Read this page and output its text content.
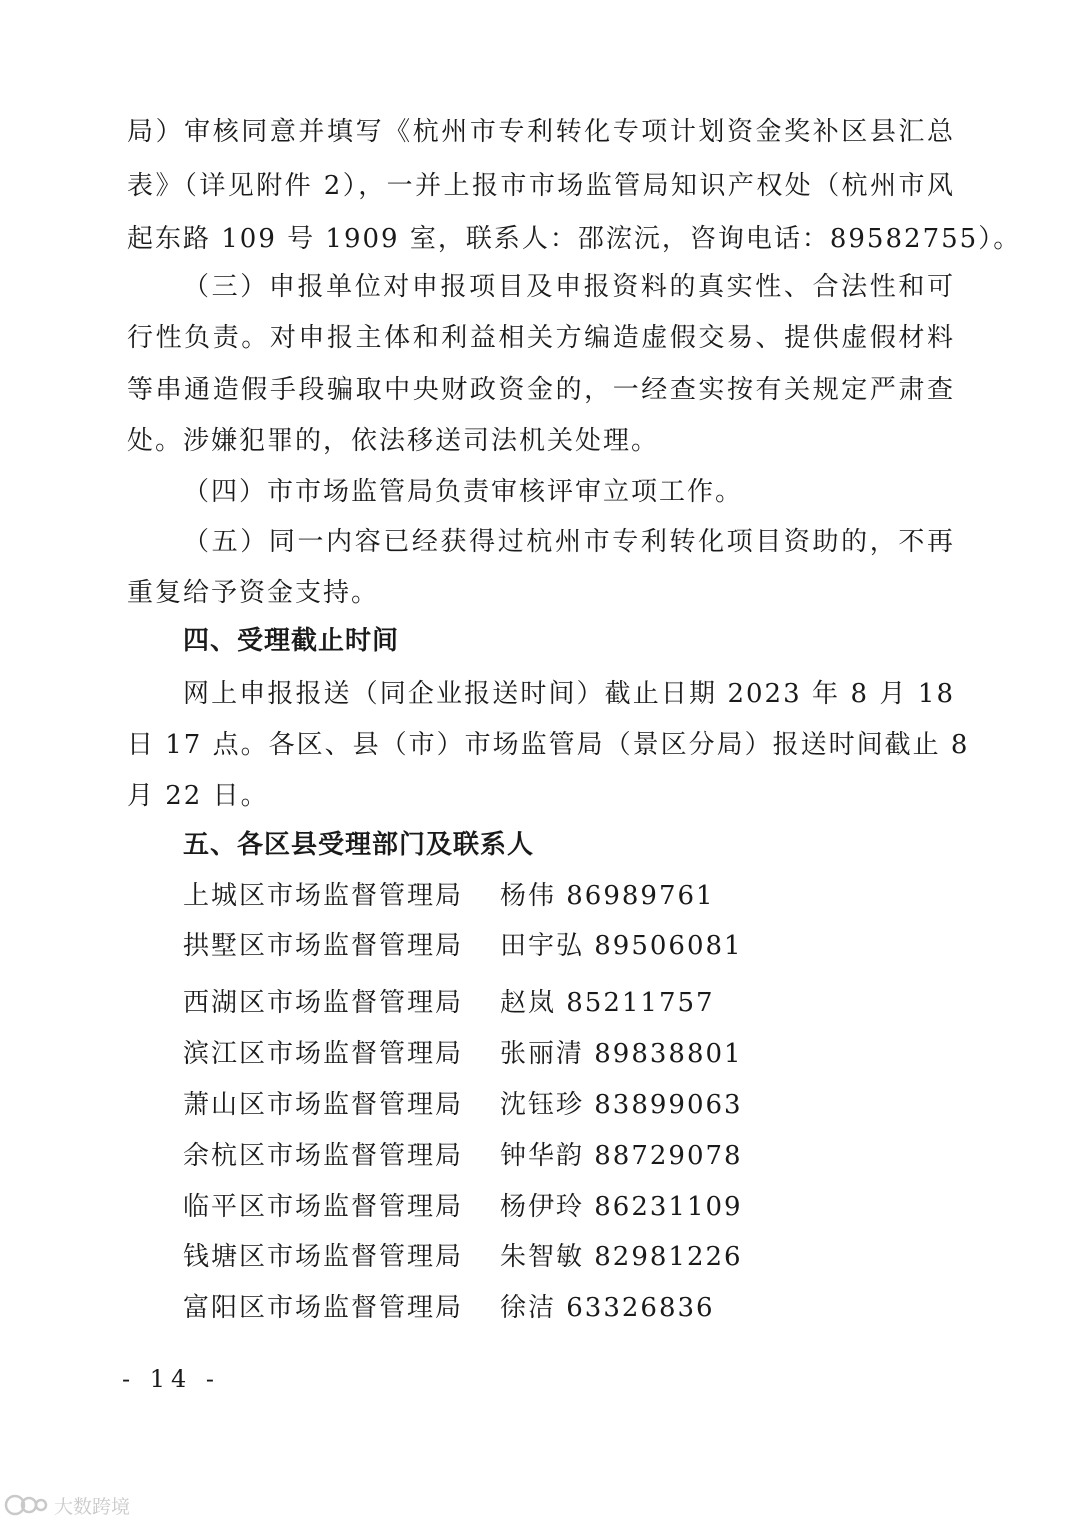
局）审核同意并填写《杭州市专利转化专项计划资金奖补区县汇总
表》（详见附件 2），一并上报市市场监管局知识产权处（杭州市风
起东路 109 号 1909 室，联系人：邵浤沅，咨询电话：89582755）。
（三）申报单位对申报项目及申报资料的真实性、合法性和可
行性负责。对申报主体和利益相关方编造虚假交易、提供虚假材料
等串通造假手段骗取中央财政资金的，一经查实按有关规定严肃查
处。涉嫌犯罪的，依法移送司法机关处理。
（四）市市场监管局负责审核评审立项工作。
（五）同一内容已经获得过杭州市专利转化项目资助的，不再
重复给予资金支持。
四、受理截止时间
网上申报报送（同企业报送时间）截止日期 2023 年 8 月 18
日 17 点。各区、县（市）市场监管局（景区分局）报送时间截止 8
月 22 日。
五、各区县受理部门及联系人
上城区市场监督管理局 杨伟 86989761
拱墅区市场监督管理局 田宇弘 89506081
西湖区市场监督管理局 赵岚 85211757
滨江区市场监督管理局 张丽清 89838801
萧山区市场监督管理局 沈钰珍 83899063
余杭区市场监督管理局 钟华韵 88729078
临平区市场监督管理局 杨伊玲 86231109
钱塘区市场监督管理局 朱智敏 82981226
富阳区市场监督管理局 徐洁 63326836
- 14 -
大数跨境
